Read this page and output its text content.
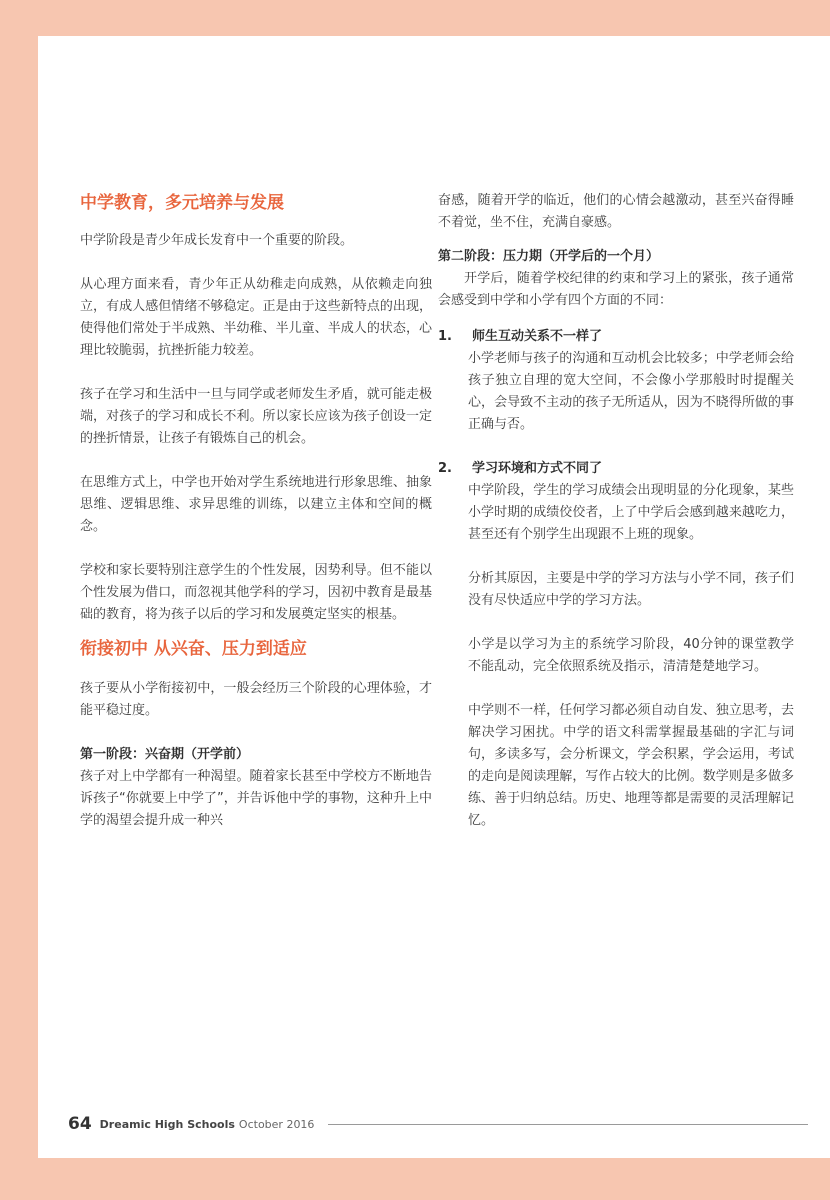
中学教育，多元培养与发展

中学阶段是青少年成长发育中一个重要的阶段。

从心理方面来看，青少年正从幼稚走向成熟，从依赖走向独立，有成人感但情绪不够稳定。正是由于这些新特点的出现，使得他们常处于半成熟、半幼稚、半儿童、半成人的状态，心理比较脆弱，抗挫折能力较差。

孩子在学习和生活中一旦与同学或老师发生矛盾，就可能走极端，对孩子的学习和成长不利。所以家长应该为孩子创设一定的挫折情景，让孩子有锻炼自己的机会。

在思维方式上，中学也开始对学生系统地进行形象思维、抽象思维、逻辑思维、求异思维的训练，以建立主体和空间的概念。

学校和家长要特别注意学生的个性发展，因势利导。但不能以个性发展为借口，而忽视其他学科的学习，因初中教育是最基础的教育，将为孩子以后的学习和发展奠定坚实的根基。

衔接初中 从兴奋、压力到适应

孩子要从小学衔接初中，一般会经历三个阶段的心理体验，才能平稳过度。

第一阶段：兴奋期（开学前）

孩子对上中学都有一种渴望。随着家长甚至中学校方不断地告诉孩子“你就要上中学了”，并告诉他中学的事物，这种升上中学的渴望会提升成一种兴

奋感，随着开学的临近，他们的心情会越激动，甚至兴奋得睡不着觉，坐不住，充满自豪感。

第二阶段：压力期（开学后的一个月）

开学后，随着学校纪律的约束和学习上的紧张，孩子通常会感受到中学和小学有四个方面的不同：

1. 师生互动关系不一样了

小学老师与孩子的沟通和互动机会比较多；中学老师会给孩子独立自理的宽大空间，不会像小学那般时时提醒关心，会导致不主动的孩子无所适从，因为不晓得所做的事正确与否。

2. 学习环境和方式不同了

中学阶段，学生的学习成绩会出现明显的分化现象，某些小学时期的成绩佼佼者，上了中学后会感到越来越吃力，甚至还有个别学生出现跟不上班的现象。

分析其原因，主要是中学的学习方法与小学不同，孩子们没有尽快适应中学的学习方法。

小学是以学习为主的系统学习阶段，40分钟的课堂教学不能乱动，完全依照系统及指示，清清楚楚地学习。

中学则不一样，任何学习都必须自动自发、独立思考，去解决学习困扰。中学的语文科需掌握最基础的字汇与词句，多读多写，会分析课文，学会积累，学会运用，考试的走向是阅读理解，写作占较大的比例。数学则是多做多练、善于归纳总结。历史、地理等都是需要的灵活理解记忆。

64 Dreamic High Schools October 2016
